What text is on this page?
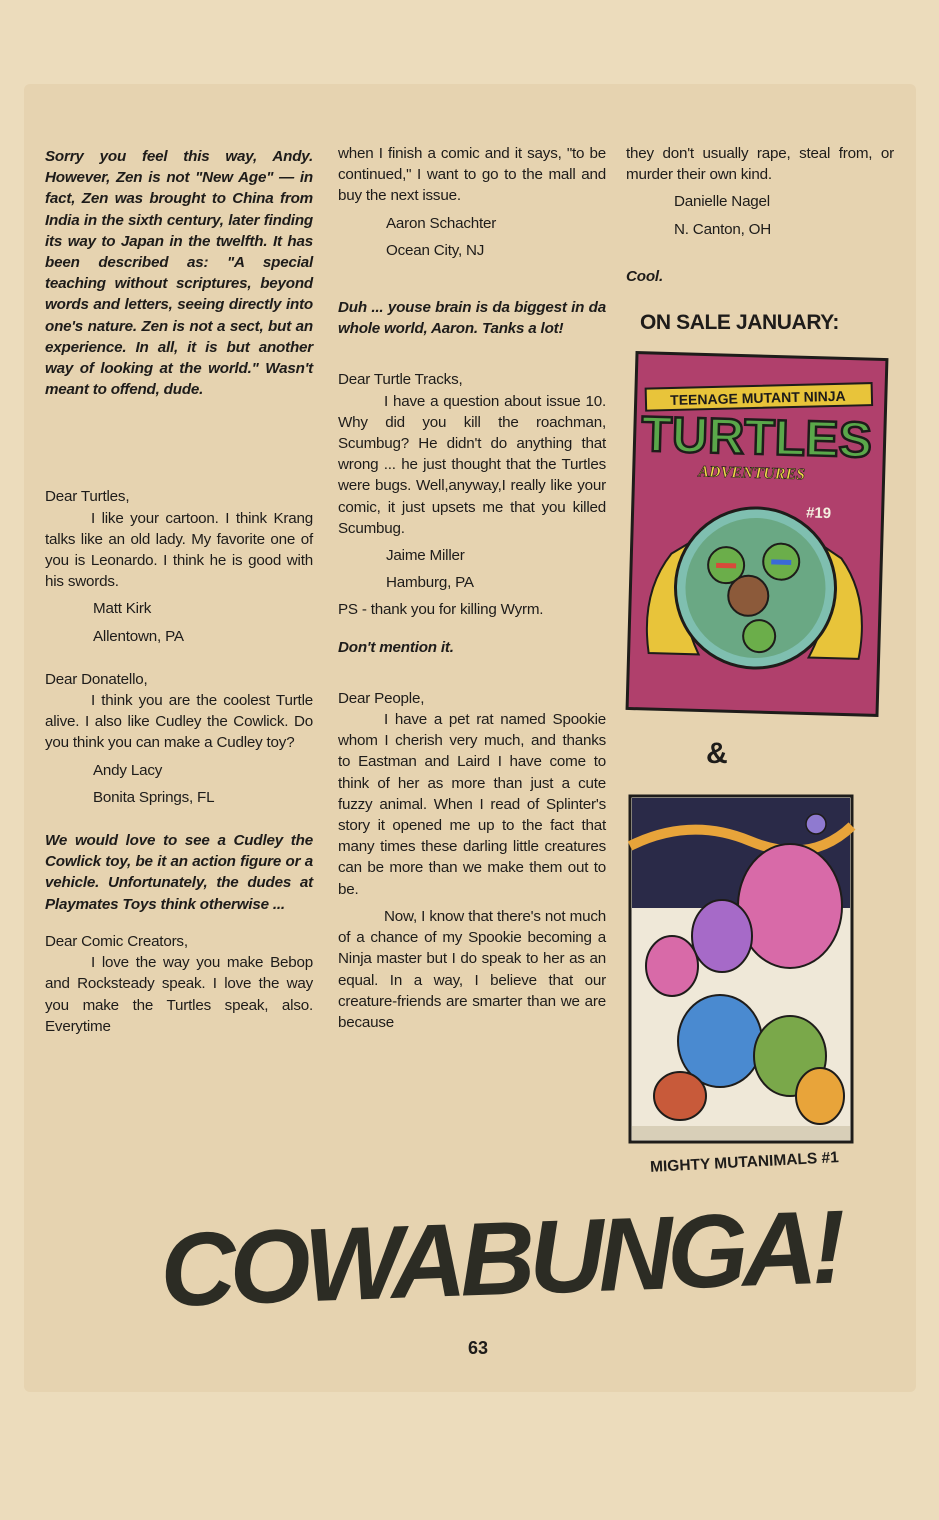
Sorry you feel this way, Andy. However, Zen is not "New Age" — in fact, Zen was brought to China from India in the sixth century, later finding its way to Japan in the twelfth. It has been described as: "A special teaching without scriptures, beyond words and letters, seeing directly into one's nature. Zen is not a sect, but an experience. In all, it is but another way of looking at the world." Wasn't meant to offend, dude.

Dear Turtles,

I like your cartoon. I think Krang talks like an old lady. My favorite one of you is Leonardo. I think he is good with his swords.

Matt Kirk

Allentown, PA

Dear Donatello,

I think you are the coolest Turtle alive. I also like Cudley the Cowlick. Do you think you can make a Cudley toy?

Andy Lacy

Bonita Springs, FL

We would love to see a Cudley the Cowlick toy, be it an action figure or a vehicle. Unfortunately, the dudes at Playmates Toys think otherwise ...

Dear Comic Creators,

I love the way you make Bebop and Rocksteady speak. I love the way you make the Turtles speak, also. Everytime

when I finish a comic and it says, "to be continued," I want to go to the mall and buy the next issue.

Aaron Schachter

Ocean City, NJ

Duh ... youse brain is da biggest in da whole world, Aaron. Tanks a lot!

Dear Turtle Tracks,

I have a question about issue 10. Why did you kill the roachman, Scumbug? He didn't do anything that wrong ... he just thought that the Turtles were bugs. Well,anyway,I really like your comic, it just upsets me that you killed Scumbug.

Jaime Miller

Hamburg, PA

PS - thank you for killing Wyrm.

Don't mention it.

Dear People,

I have a pet rat named Spookie whom I cherish very much, and thanks to Eastman and Laird I have come to think of her as more than just a cute fuzzy animal. When I read of Splinter's story it opened me up to the fact that many times these darling little creatures can be more than we make them out to be.

Now, I know that there's not much of a chance of my Spookie becoming a Ninja master but I do speak to her as an equal. In a way, I believe that our creature-friends are smarter than we are because

they don't usually rape, steal from, or murder their own kind.

Danielle Nagel

N. Canton, OH

Cool.

ON SALE JANUARY:
TEENAGE MUTANT NINJA
TURTLES
ADVENTURES
#19
&
MIGHTY MUTANIMALS #1
COWABUNGA!
63
